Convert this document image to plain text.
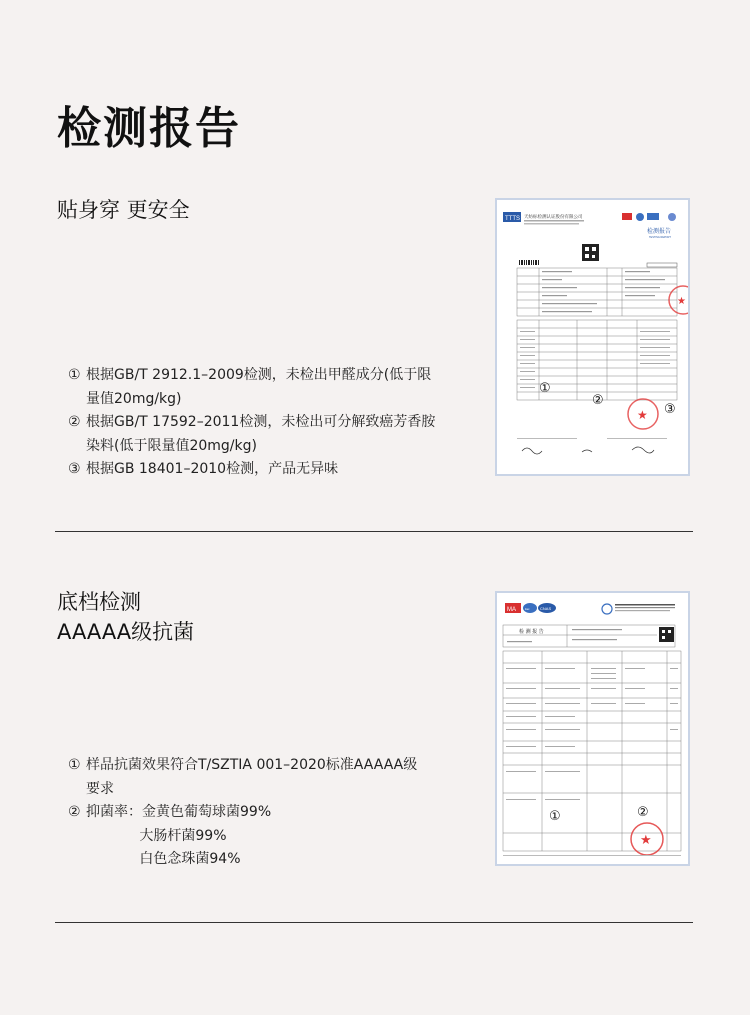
检测报告
贴身穿 更安全
① 根据GB/T 2912.1–2009检测，未检出甲醛成分(低于限
量值20mg/kg)
② 根据GB/T 17592–2011检测，未检出可分解致癌芳香胺
染料(低于限量值20mg/kg)
③ 根据GB 18401–2010检测，产品无异味
TTTS 天纺标检测认证股份有限公司
检测报告
TESTING REPORT
①
②
③
★
★
底档检测
AAAAA级抗菌
① 样品抗菌效果符合T/SZTIA 001–2020标准AAAAA级
要求
② 抑菌率：金黄色葡萄球菌99%
大肠杆菌99%
白色念珠菌94%
MA	ilac	CNAS
检 测 报 告
①	②
★
